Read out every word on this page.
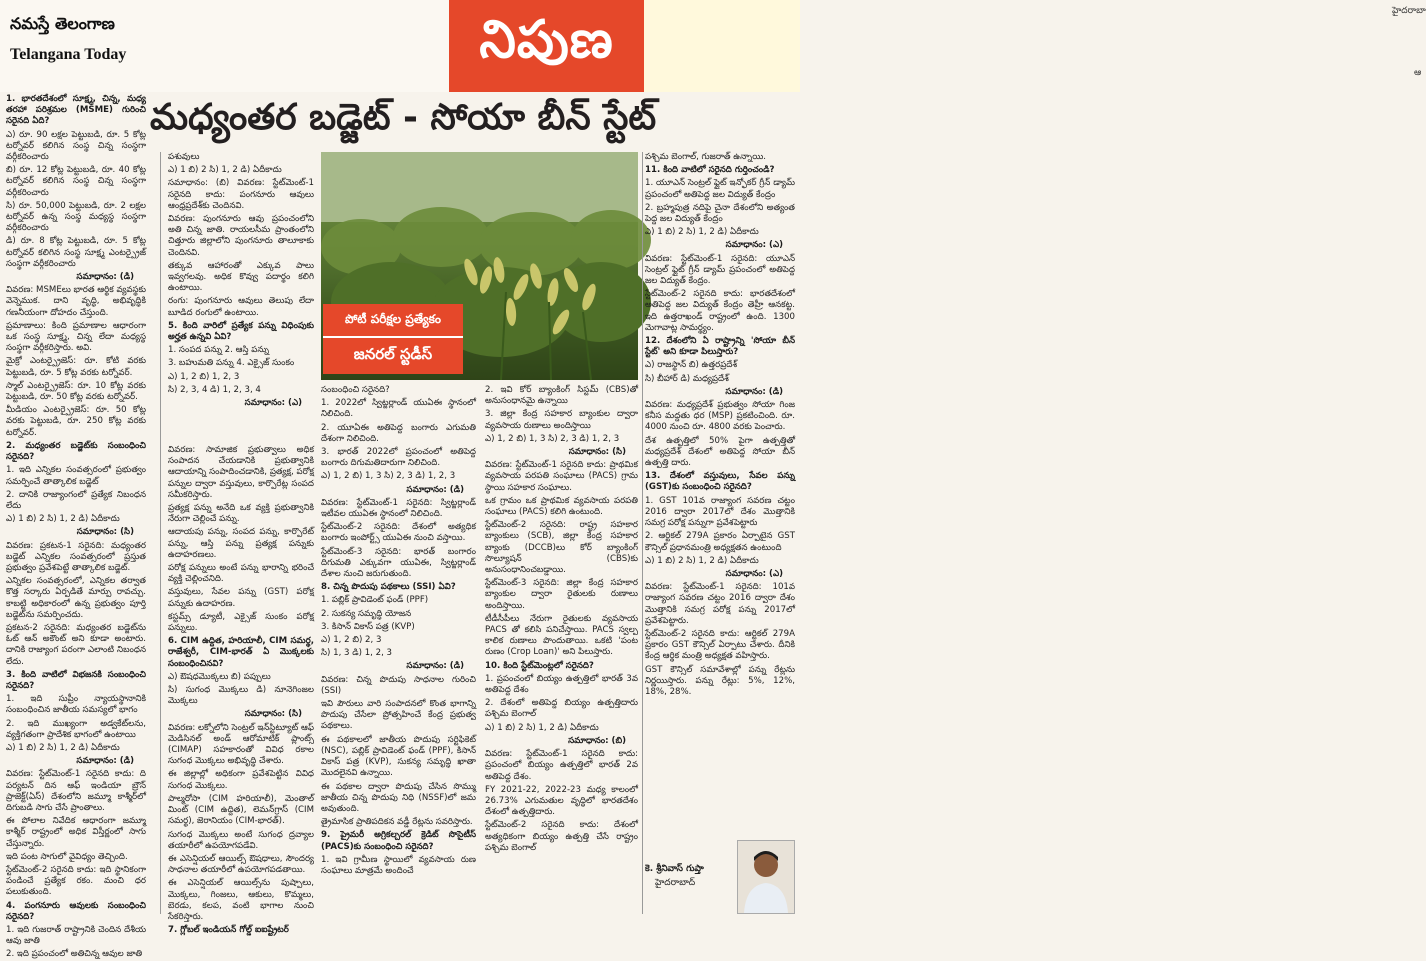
నమస్తే తెలంగాణ
Telangana Today	నిపుణ	హైదరాబా
ఆ
మధ్యంతర బడ్జెట్ - సోయా బీన్ స్టేట్

1. భారతదేశంలో సూక్ష్మ, చిన్న, మధ్య తరహా పరిశ్రమల (MSME) గురించి సరైనది ఏది?

ఎ) రూ. 90 లక్షల పెట్టుబడి, రూ. 5 కోట్ల టర్నోవర్ కలిగిన సంస్థ చిన్న సంస్థగా వర్గీకరించారు

బి) రూ. 12 కోట్ల పెట్టుబడి, రూ. 40 కోట్ల టర్నోవర్ కలిగిన సంస్థ చిన్న సంస్థగా వర్గీకరించారు

సి) రూ. 50,000 పెట్టుబడి, రూ. 2 లక్షల టర్నోవర్ ఉన్న సంస్థ మధ్యస్థ సంస్థగా వర్గీకరించారు

డి) రూ. 8 కోట్ల పెట్టుబడి, రూ. 5 కోట్ల టర్నోవర్ కలిగిన సంస్థ సూక్ష్మ ఎంటర్ప్రైజ్ సంస్థగా వర్గీకరించారు

సమాధానం: (డి)

వివరణ: MSMEలు భారత ఆర్థిక వ్యవస్థకు వెన్నెముక. దాని వృద్ధి, అభివృద్ధికి గణనీయంగా దోహదం చేస్తుంది.

ప్రమాణాలు: కింది ప్రమాణాల ఆధారంగా ఒక సంస్థ సూక్ష్మ, చిన్న లేదా మధ్యస్థ సంస్థగా వర్గీకరిస్తారు. అవి.

మైక్రో ఎంటర్ప్రైజెస్: రూ. కోటి వరకు పెట్టుబడి, రూ. 5 కోట్ల వరకు టర్నోవర్.

స్మాల్ ఎంటర్ప్రైజెస్: రూ. 10 కోట్ల వరకు పెట్టుబడి, రూ. 50 కోట్ల వరకు టర్నోవర్.

మీడియం ఎంటర్ప్రైజెస్: రూ. 50 కోట్ల వరకు పెట్టుబడి, రూ. 250 కోట్ల వరకు టర్నోవర్.

2. మధ్యంతర బడ్జెట్‌కు సంబంధించి సరైనది?

1. ఇది ఎన్నికల సంవత్సరంలో ప్రభుత్వం సమర్పించే తాత్కాలిక బడ్జెట్

2. దానికి రాజ్యాంగంలో ప్రత్యేక నిబంధన లేదు

ఎ) 1 బి) 2 సి) 1, 2 డి) ఏదీకాదు

సమాధానం: (సి)

వివరణ: ప్రకటన-1 సరైనది: మధ్యంతర బడ్జెట్ ఎన్నికల సంవత్సరంలో ప్రస్తుత ప్రభుత్వం ప్రవేశపెట్టే తాత్కాలిక బడ్జెట్.

ఎన్నికల సంవత్సరంలో, ఎన్నికల తర్వాత కొత్త సర్కారు ఏర్పడితే మార్పు రావచ్చు. కాబట్టి అధికారంలో ఉన్న ప్రభుత్వం పూర్తి బడ్జెట్‌ను సమర్పించదు.

ప్రకటన-2 సరైనది: మధ్యంతర బడ్జెట్‌ను ఓట్ ఆన్ అకౌంట్ అని కూడా అంటారు. దానికి రాజ్యాంగ పరంగా ఎలాంటి నిబంధన లేదు.

3. కింది వాటిలో విభజనకి సంబంధించి సరైనది?

1. ఇది సుప్రీం న్యాయస్థానానికి సంబంధించిన జాతీయ సమస్యలో భాగం

2. ఇది ముఖ్యంగా అడ్వకేట్‌లను, వ్యక్తిగతంగా ప్రాదేశిక భాగంలో ఉంటాయి

ఎ) 1 బి) 2 సి) 1, 2 డి) ఏదీకాదు

సమాధానం: (డి)

వివరణ: స్టేట్‌మెంట్-1 సరైనది కాదు: ది పర్యటన్ దిన ఆఫ్ ఇండియా బ్రౌన్ ప్రాజెక్ట్‌(ఏస్‌) దేశంలోని జమ్మూ కాశ్మీర్‌లో దిగుబడి సాగు చేసే ప్రాంతాలు.

ఈ పోలాల నివేదిక ఆధారంగా జమ్మూ కాశ్మీర్ రాష్ట్రంలో అధిక విస్తీర్ణంలో సాగు చేస్తున్నారు.

ఇది పంట సాగులో వైవిధ్యం తెచ్చింది.

స్టేట్‌మెంట్-2 సరైనది కాదు: ఇది స్థానికంగా పండించే ప్రత్యేక రకం. మంచి ధర పలుకుతుంది.

4. పంగనూరు ఆవులకు సంబంధించి సరైనది?

1. ఇది గుజరాత్ రాష్ట్రానికి చెందిన దేశీయ ఆవు జాతి

2. ఇది ప్రపంచంలో అతిచిన్న ఆవుల జాతి

పశువులు

ఎ) 1 బి) 2 సి) 1, 2 డి) ఏదీకాదు

సమాధానం: (బి) వివరణ: స్టేట్‌మెంట్-1 సరైనది కాదు: పంగనూరు ఆవులు ఆంధ్రప్రదేశ్‌కు చెందినవి.

వివరణ: పుంగనూరు ఆవు ప్రపంచంలోని అతి చిన్న జాతి. రాయలసీమ ప్రాంతంలోని చిత్తూరు జిల్లాలోని పుంగనూరు తాలూకాకు చెందినవి.

తక్కువ ఆహారంతో ఎక్కువ పాలు ఇవ్వగలవు. అధిక కొవ్వు పదార్థం కలిగి ఉంటాయి.

రంగు: పుంగనూరు ఆవులు తెలుపు లేదా బూడిద రంగులో ఉంటాయి.

5. కింది వారిలో ప్రత్యేక పన్ను విధింపుకు అర్హత ఉన్నవి ఏవి?

1. సంపద పన్ను 2. ఆస్తి పన్ను

3. బహుమతి పన్ను 4. ఎక్సైజ్ సుంకం

ఎ) 1, 2 బి) 1, 2, 3

సి) 2, 3, 4 డి) 1, 2, 3, 4

సమాధానం: (ఎ)

వివరణ: సామాజిక ప్రభుత్వాలు అధిక సంపాదన చేయడానికి ప్రభుత్వానికి ఆదాయాన్ని సంపాదించడానికి, ప్రత్యక్ష, పరోక్ష పన్నుల ద్వారా వస్తువులు, కార్పొరేట్ల సంపద సమీకరిస్తారు.

ప్రత్యక్ష పన్ను అనేది ఒక వ్యక్తి ప్రభుత్వానికి నేరుగా చెల్లించే పన్ను.

ఆదాయపు పన్ను, సంపద పన్ను, కార్పొరేట్ పన్ను, ఆస్తి పన్ను ప్రత్యక్ష పన్నుకు ఉదాహరణలు.

పరోక్ష పన్నులు అంటే పన్ను భారాన్ని భరించే వ్యక్తి చెల్లించనిది.

వస్తువులు, సేవల పన్ను (GST) పరోక్ష పన్నుకు ఉదాహరణ.

కస్టమ్స్ డ్యూటీ, ఎక్సైజ్ సుంకం పరోక్ష పన్నులు.

6. CIM ఉద్దిత, హరియాలీ, CIM సమర్థ, రాజేశ్వరీ, CIM-భారత్ ఏ మొక్కలకు సంబంధించినవి?

ఎ) ఔషధమొక్కలు బి) పప్పులు

సి) సుగంధ మొక్కలు డి) నూనెగింజల మొక్కలు

సమాధానం: (సి)

వివరణ: లక్నోలోని సెంట్రల్ ఇన్‌స్టిట్యూట్ ఆఫ్ మెడిసినల్ అండ్ ఆరోమాటిక్ ప్లాంట్స్ (CIMAP) సహకారంతో వివిధ రకాల సుగంధ మొక్కలు అభివృద్ధి చేశారు.

ఈ జిల్లాల్లో అధికంగా ప్రవేశపెట్టిన వివిధ సుగంధ మొక్కలు.

పాల్మరోసా (CIM హరియాలీ), మెంతాల్ మింట్ (CIM ఉద్దిత), లెమన్‌గ్రాస్ (CIM సమర్థ), జెరానియం (CIM-భారత్).

సుగంధ మొక్కలు అంటే సుగంధ ద్రవ్యాల తయారీలో ఉపయోగపడేవి.

ఈ ఎసెన్షియల్ ఆయిల్స్ ఔషధాలు, సౌందర్య సాధనాల తయారీలో ఉపయోగపడతాయి.

ఈ ఎసెన్షియల్ ఆయిల్స్‌ను పుష్పాలు, మొక్కలు, గింజలు, ఆకులు, కొమ్మలు, బెరడు, కలప, వంటి భాగాల నుంచి సేకరిస్తారు.

7. గ్లోబల్ ఇండియన్ గోల్డ్ ఐఐష్ట్రేటర్

పోటీ పరీక్షల ప్రత్యేకం
జనరల్ స్టడీస్

సంబంధించి సరైనది?

1. 2022లో స్విట్జర్లాండ్ యుఏఈ స్థానంలో నిలిచింది.

2. యూఏఈ అతిపెద్ద బంగారు ఎగుమతి దేశంగా నిలిచింది.

3. భారత్ 2022లో ప్రపంచంలో అతిపెద్ద బంగారు దిగుమతిదారుగా నిలిచింది.

ఎ) 1, 2 బి) 1, 3 సి) 2, 3 డి) 1, 2, 3

సమాధానం: (డి)

వివరణ: స్టేట్‌మెంట్-1 సరైనది: స్విట్జర్లాండ్ ఇటీవల యుఏఈ స్థానంలో నిలిచింది.

స్టేట్‌మెంట్-2 సరైనది: దేశంలో అత్యధిక బంగారు ఇంపోర్ట్స్ యుఏఈ నుంచి వస్తాయి.

స్టేట్‌మెంట్-3 సరైనది: భారత్ బంగారం దిగుమతి ఎక్కువగా యుఏఈ, స్విట్జర్లాండ్ దేశాల నుంచి జరుగుతుంది.

8. చిన్న పొదుపు పథకాలు (SSI) ఏవి?

1. పబ్లిక్ ప్రావిడెంట్ ఫండ్ (PPF)

2. సుకన్య సమృద్ధి యోజన

3. కిసాన్ వికాస్ పత్ర (KVP)

ఎ) 1, 2 బి) 2, 3

సి) 1, 3 డి) 1, 2, 3

సమాధానం: (డి)

వివరణ: చిన్న పొదుపు సాధనాల గురించి (SSI)

ఇవి పౌరులు వారి సంపాదనలో కొంత భాగాన్ని పొదుపు చేసేలా ప్రోత్సహించే కేంద్ర ప్రభుత్వ పథకాలు.

ఈ పథకాలలో జాతీయ పొదుపు సర్టిఫికెట్ (NSC), పబ్లిక్ ప్రావిడెంట్ ఫండ్ (PPF), కిసాన్ వికాస్ పత్ర (KVP), సుకన్య సమృద్ధి ఖాతా మొదలైనవి ఉన్నాయి.

ఈ పథకాల ద్వారా పొదుపు చేసిన సొమ్ము జాతీయ చిన్న పొదుపు నిధి (NSSF)లో జమ అవుతుంది.

త్రైమాసిక ప్రాతిపదికన వడ్డీ రేట్లను సవరిస్తారు.

9. ప్రైమరీ అగ్రికల్చరల్ క్రెడిట్ సొసైటీస్ (PACS)కు సంబంధించి సరైనది?

1. ఇవి గ్రామీణ స్థాయిలో వ్యవసాయ రుణ సంఘాలు మాత్రమే అందించే

2. ఇవి కోర్ బ్యాంకింగ్ సిస్టమ్ (CBS)తో అనుసంధానమై ఉన్నాయి

3. జిల్లా కేంద్ర సహకార బ్యాంకుల ద్వారా వ్యవసాయ రుణాలు అందిస్తాయి

ఎ) 1, 2 బి) 1, 3 సి) 2, 3 డి) 1, 2, 3

సమాధానం: (సి)

వివరణ: స్టేట్‌మెంట్-1 సరైనది కాదు: ప్రాథమిక వ్యవసాయ పరపతి సంఘాలు (PACS) గ్రామ స్థాయి సహకార సంఘాలు.

ఒక గ్రామం ఒక ప్రాథమిక వ్యవసాయ పరపతి సంఘాలు (PACS) కలిగి ఉంటుంది.

స్టేట్‌మెంట్-2 సరైనది: రాష్ట్ర సహకార బ్యాంకులు (SCB), జిల్లా కేంద్ర సహకార బ్యాంకు (DCCB)లు కోర్ బ్యాంకింగ్ సొల్యూషన్ (CBS)కు అనుసంధానించబడ్డాయి.

స్టేట్‌మెంట్-3 సరైనది: జిల్లా కేంద్ర సహకార బ్యాంకుల ద్వారా రైతులకు రుణాలు అందిస్తాయి.

టీడీసీపీలు నేరుగా రైతులకు వ్యవసాయ PACS తో కలిసి పనిచేస్తాయి. PACS స్వల్ప కాలిక రుణాలు పొందుతాయి. ఒకటి 'పంట రుణం (Crop Loan)' అని పిలుస్తారు.

10. కింది స్టేట్‌మెంట్లలో సరైనది?

1. ప్రపంచంలో బియ్యం ఉత్పత్తిలో భారత్ 3వ అతిపెద్ద దేశం

2. దేశంలో అతిపెద్ద బియ్యం ఉత్పత్తిదారు పశ్చిమ బెంగాల్

ఎ) 1 బి) 2 సి) 1, 2 డి) ఏదీకాదు

సమాధానం: (బి)

వివరణ: స్టేట్‌మెంట్-1 సరైనది కాదు: ప్రపంచంలో బియ్యం ఉత్పత్తిలో భారత్ 2వ అతిపెద్ద దేశం.

FY 2021-22, 2022-23 మధ్య కాలంలో 26.73% ఎగుమతుల వృద్ధిలో భారతదేశం దేశంలో ఉత్పత్తిదారు.

స్టేట్‌మెంట్-2 సరైనది కాదు: దేశంలో అత్యధికంగా బియ్యం ఉత్పత్తి చేసే రాష్ట్రం పశ్చిమ బెంగాల్

పశ్చిమ బెంగాల్, గుజరాత్ ఉన్నాయి.

11. కింది వాటిలో సరైనది గుర్తించండి?

1. యూఎన్ సెంట్రల్ ఫ్లైట్ ఇన్ఫోకర్ గ్రీన్ డ్యామ్‌ ప్రపంచంలో అతిపెద్ద జల విద్యుత్ కేంద్రం

2. బ్రహ్మపుత్ర నదిపై చైనా దేశంలోని అత్యంత పెద్ద జల విద్యుత్ కేంద్రం

ఎ) 1 బి) 2 సి) 1, 2 డి) ఏదీకాదు

సమాధానం: (ఎ)

వివరణ: స్టేట్‌మెంట్-1 సరైనది: యూఎన్ సెంట్రల్ ఫ్లైట్ గ్రీన్ డ్యామ్‌ ప్రపంచంలో అతిపెద్ద జల విద్యుత్ కేంద్రం.

స్టేట్‌మెంట్-2 సరైనది కాదు: భారతదేశంలో అతిపెద్ద జల విద్యుత్ కేంద్రం తెహ్రీ ఆనకట్ట. ఇది ఉత్తరాఖండ్ రాష్ట్రంలో ఉంది. 1300 మెగావాట్ల సామర్థ్యం.

12. దేశంలోని ఏ రాష్ట్రాన్ని 'సోయా బీన్ స్టేట్' అని కూడా పిలుస్తారు?

ఎ) రాజస్థాన్ బి) ఉత్తరప్రదేశ్

సి) బీహార్ డి) మధ్యప్రదేశ్

సమాధానం: (డి)

వివరణ: మధ్యప్రదేశ్ ప్రభుత్వం సోయా గింజ కనీస మద్దతు ధర (MSP) ప్రకటించింది. రూ. 4000 నుంచి రూ. 4800 వరకు పెంచారు.

దేశ ఉత్పత్తిలో 50% పైగా ఉత్పత్తితో మధ్యప్రదేశ్ దేశంలో అతిపెద్ద సోయా బీన్ ఉత్పత్తి దారు.

13. దేశంలో వస్తువులు, సేవల పన్ను (GST)కు సంబంధించి సరైనది?

1. GST 101వ రాజ్యాంగ సవరణ చట్టం 2016 ద్వారా 2017లో దేశం మొత్తానికి సమగ్ర పరోక్ష పన్నుగా ప్రవేశపెట్టారు

2. ఆర్టికల్ 279A ప్రకారం ఏర్పాటైన GST కౌన్సిల్ ప్రధానమంత్రి అధ్యక్షతన ఉంటుంది

ఎ) 1 బి) 2 సి) 1, 2 డి) ఏదీకాదు

సమాధానం: (ఎ)

వివరణ: స్టేట్‌మెంట్-1 సరైనది: 101వ రాజ్యాంగ సవరణ చట్టం 2016 ద్వారా దేశం మొత్తానికి సమగ్ర పరోక్ష పన్ను 2017లో ప్రవేశపెట్టారు.

స్టేట్‌మెంట్-2 సరైనది కాదు: ఆర్టికల్ 279A ప్రకారం GST కౌన్సిల్ ఏర్పాటు చేశారు. దీనికి కేంద్ర ఆర్థిక మంత్రి అధ్యక్షత వహిస్తారు.

GST కౌన్సిల్ సమావేశాల్లో పన్ను రేట్లను నిర్ణయిస్తారు. పన్ను రేట్లు: 5%, 12%, 18%, 28%.

కె. శ్రీనివాస్ గుప్తా
హైదరాబాద్
